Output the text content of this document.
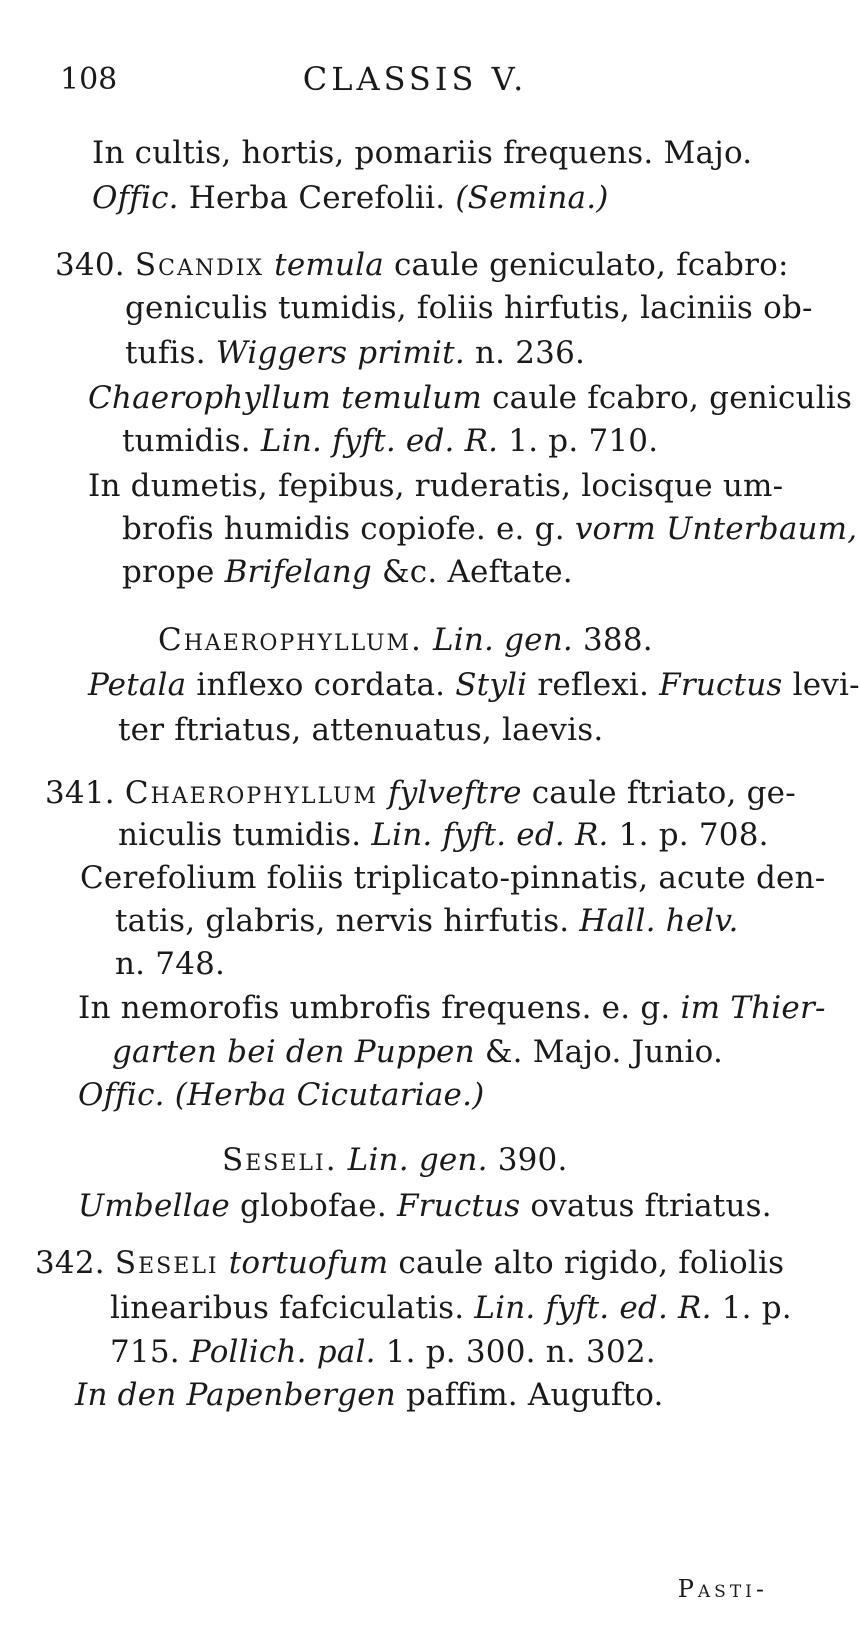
108	CLASSIS V.
In cultis, hortis, pomariis frequens. Majo.
Offic. Herba Cerefolii. (Semina.)
340. Scandix temula caule geniculato, fcabro:
geniculis tumidis, foliis hirfutis, laciniis ob-
tufis. Wiggers primit. n. 236.
Chaerophyllum temulum caule fcabro, geniculis
tumidis. Lin. fyft. ed. R. 1. p. 710.
In dumetis, fepibus, ruderatis, locisque um-
brofis humidis copiofe. e. g. vorm Unterbaum,
prope Brifelang &c. Aeftate.
Chaerophyllum. Lin. gen. 388.
Petala inflexo cordata. Styli reflexi. Fructus levi-
ter ftriatus, attenuatus, laevis.
341. Chaerophyllum fylveftre caule ftriato, ge-
niculis tumidis. Lin. fyft. ed. R. 1. p. 708.
Cerefolium foliis triplicato-pinnatis, acute den-
tatis, glabris, nervis hirfutis. Hall. helv.
n. 748.
In nemorofis umbrofis frequens. e. g. im Thier-
garten bei den Puppen &. Majo. Junio.
Offic. (Herba Cicutariae.)
Seseli. Lin. gen. 390.
Umbellae globofae. Fructus ovatus ftriatus.
342. Seseli tortuofum caule alto rigido, foliolis
linearibus fafciculatis. Lin. fyft. ed. R. 1. p.
715. Pollich. pal. 1. p. 300. n. 302.
In den Papenbergen paffim. Augufto.
Pasti-
